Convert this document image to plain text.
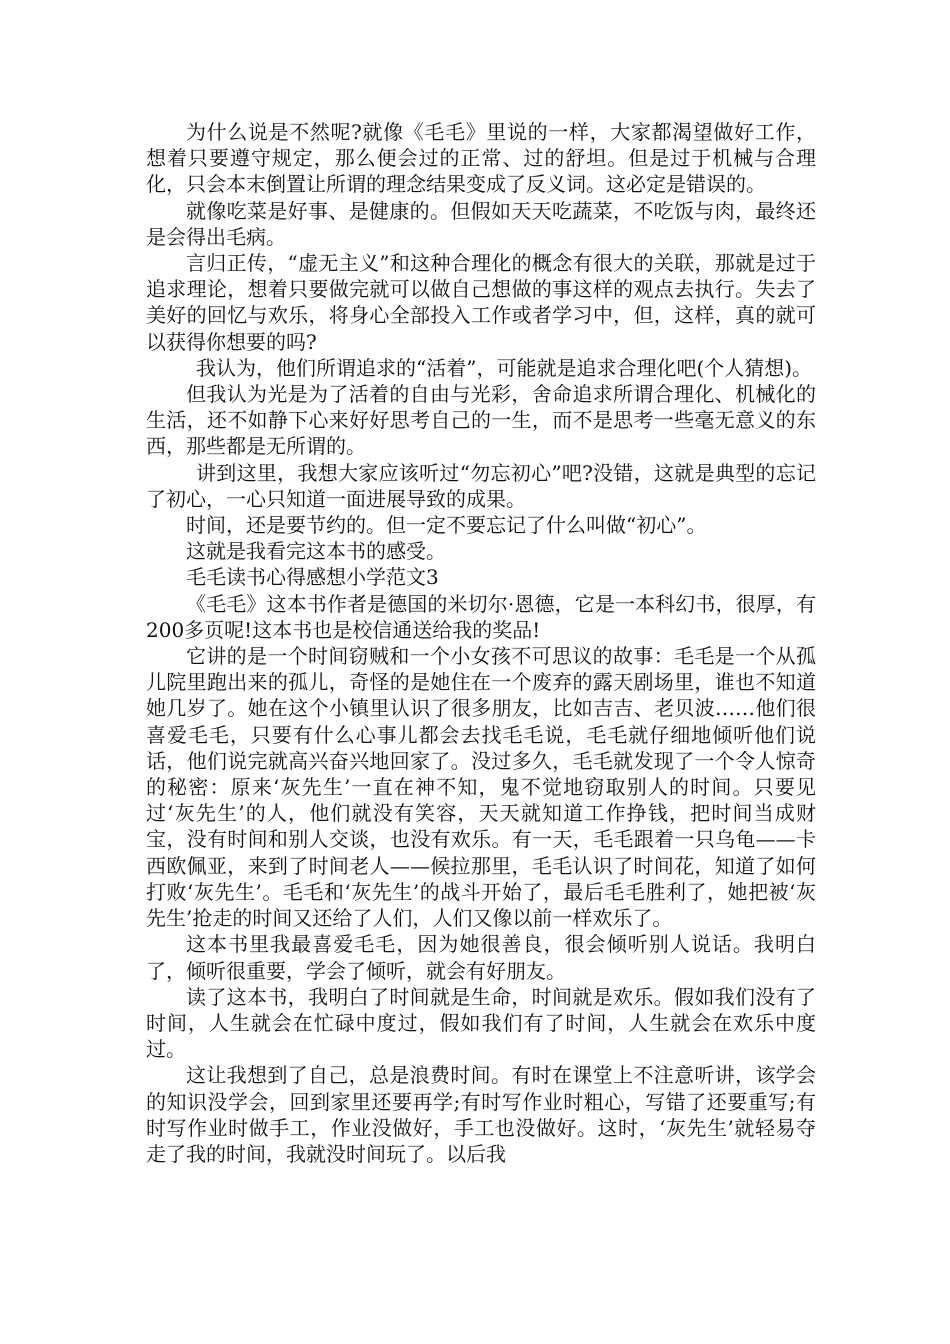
为什么说是不然呢?就像《毛毛》里说的一样，大家都渴望做好工作，想着只要遵守规定，那么便会过的正常、过的舒坦。但是过于机械与合理化，只会本末倒置让所谓的理念结果变成了反义词。这必定是错误的。

就像吃菜是好事、是健康的。但假如天天吃蔬菜，不吃饭与肉，最终还是会得出毛病。

言归正传，“虚无主义”和这种合理化的概念有很大的关联，那就是过于追求理论，想着只要做完就可以做自己想做的事这样的观点去执行。失去了美好的回忆与欢乐，将身心全部投入工作或者学习中，但，这样，真的就可以获得你想要的吗?

我认为，他们所谓追求的“活着”，可能就是追求合理化吧(个人猜想)。

但我认为光是为了活着的自由与光彩，舍命追求所谓合理化、机械化的生活，还不如静下心来好好思考自己的一生，而不是思考一些毫无意义的东西，那些都是无所谓的。

讲到这里，我想大家应该听过“勿忘初心”吧?没错，这就是典型的忘记了初心，一心只知道一面进展导致的成果。

时间，还是要节约的。但一定不要忘记了什么叫做“初心”。

这就是我看完这本书的感受。

毛毛读书心得感想小学范文3

《毛毛》这本书作者是德国的米切尔·恩德，它是一本科幻书，很厚，有200多页呢!这本书也是校信通送给我的奖品!

它讲的是一个时间窃贼和一个小女孩不可思议的故事：毛毛是一个从孤儿院里跑出来的孤儿，奇怪的是她住在一个废弃的露天剧场里，谁也不知道她几岁了。她在这个小镇里认识了很多朋友，比如吉吉、老贝波……他们很喜爱毛毛，只要有什么心事儿都会去找毛毛说，毛毛就仔细地倾听他们说话，他们说完就高兴奋兴地回家了。没过多久，毛毛就发现了一个令人惊奇的秘密：原来‘灰先生’一直在神不知，鬼不觉地窃取别人的时间。只要见过‘灰先生’的人，他们就没有笑容，天天就知道工作挣钱，把时间当成财宝，没有时间和别人交谈，也没有欢乐。有一天，毛毛跟着一只乌龟——卡西欧佩亚，来到了时间老人——候拉那里，毛毛认识了时间花，知道了如何打败‘灰先生’。毛毛和‘灰先生’的战斗开始了，最后毛毛胜利了，她把被‘灰先生’抢走的时间又还给了人们，人们又像以前一样欢乐了。

这本书里我最喜爱毛毛，因为她很善良，很会倾听别人说话。我明白了，倾听很重要，学会了倾听，就会有好朋友。

读了这本书，我明白了时间就是生命，时间就是欢乐。假如我们没有了时间，人生就会在忙碌中度过，假如我们有了时间，人生就会在欢乐中度过。

这让我想到了自己，总是浪费时间。有时在课堂上不注意听讲，该学会的知识没学会，回到家里还要再学;有时写作业时粗心，写错了还要重写;有时写作业时做手工，作业没做好，手工也没做好。这时，‘灰先生’就轻易夺走了我的时间，我就没时间玩了。以后我
